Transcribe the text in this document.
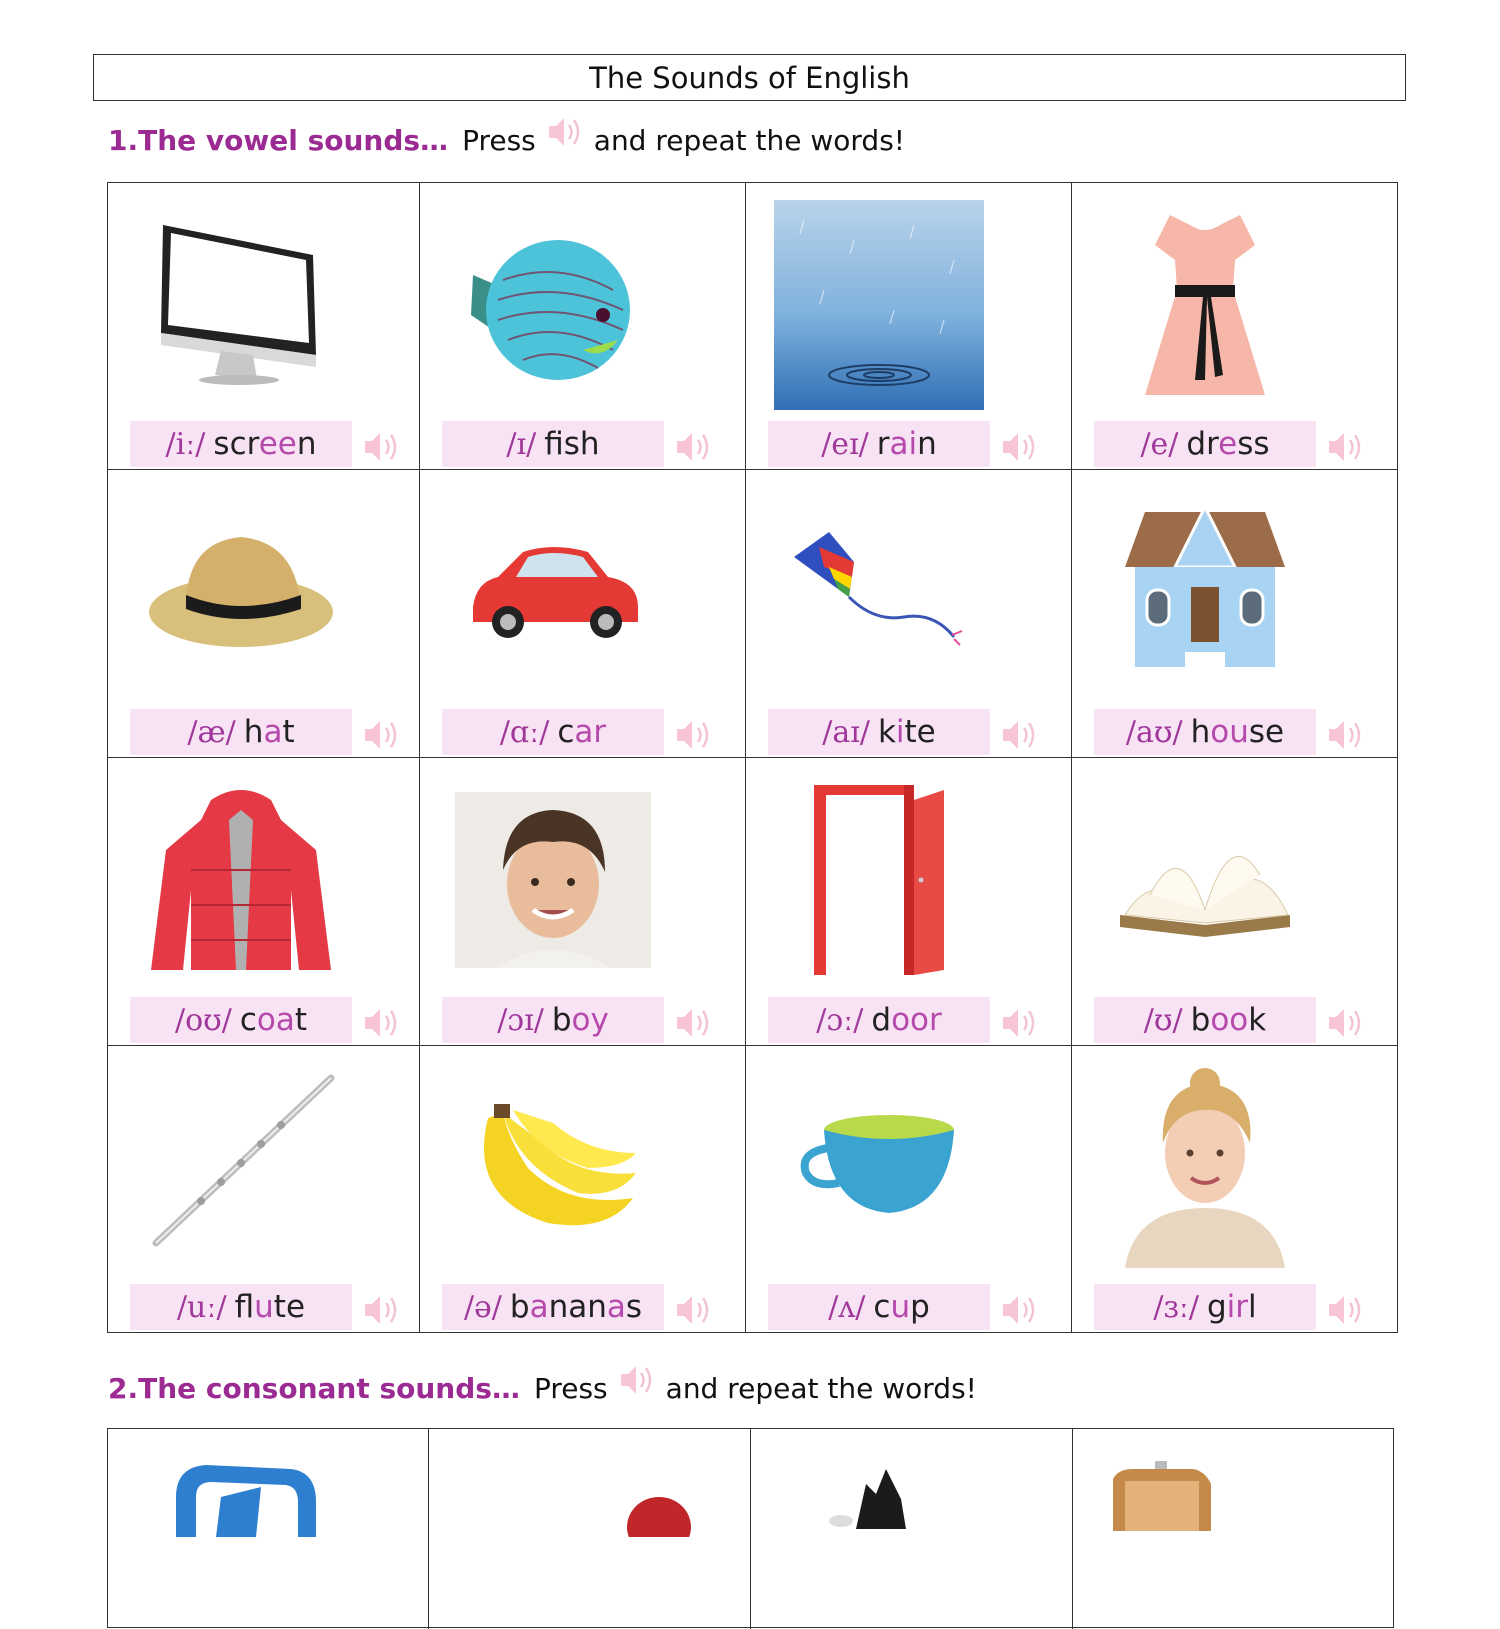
The Sounds of English
1. The vowel sounds… Press and repeat the words!
/iː/ screen	/ɪ/ fsh	/eɪ/ rain	/e/ dress
/æ/ hat	/ɑː/ car	/aɪ/ kite	/aʊ/ house
/oʊ/ coat	/ɔɪ/ boy	/ɔː/ door	/ʊ/ book
/uː/ flute	/ə/ bananas	/ʌ/ cup	/ɜː/ girl
2. The consonant sounds… Press and repeat the words!
